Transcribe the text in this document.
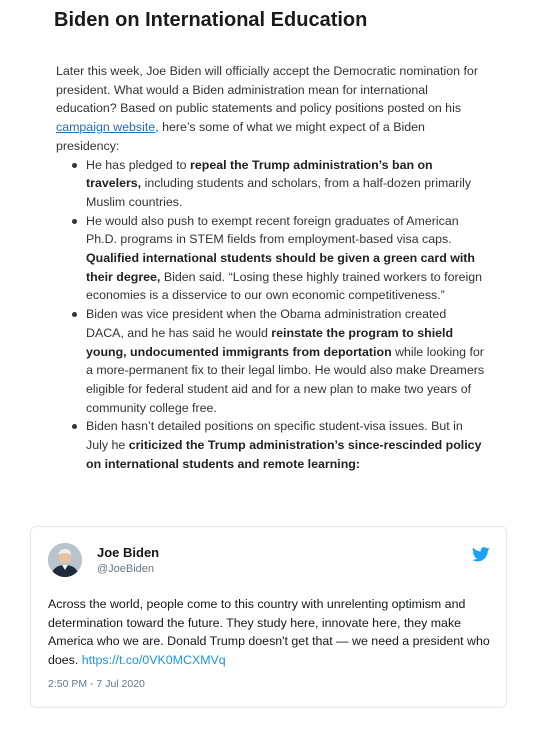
Biden on International Education

Later this week, Joe Biden will officially accept the Democratic nomination for president. What would a Biden administration mean for international education? Based on public statements and policy positions posted on his campaign website, here’s some of what we might expect of a Biden presidency:

He has pledged to repeal the Trump administration’s ban on travelers, including students and scholars, from a half-dozen primarily Muslim countries.
He would also push to exempt recent foreign graduates of American Ph.D. programs in STEM fields from employment-based visa caps. Qualified international students should be given a green card with their degree, Biden said. “Losing these highly trained workers to foreign economies is a disservice to our own economic competitiveness.”
Biden was vice president when the Obama administration created DACA, and he has said he would reinstate the program to shield young, undocumented immigrants from deportation while looking for a more-permanent fix to their legal limbo. He would also make Dreamers eligible for federal student aid and for a new plan to make two years of community college free.
Biden hasn’t detailed positions on specific student-visa issues. But in July he criticized the Trump administration’s since-rescinded policy on international students and remote learning:
Joe Biden
@JoeBiden
Across the world, people come to this country with unrelenting optimism and determination toward the future. They study here, innovate here, they make America who we are. Donald Trump doesn't get that — we need a president who does. https://t.co/0VK0MCXMVq
2:50 PM - 7 Jul 2020
